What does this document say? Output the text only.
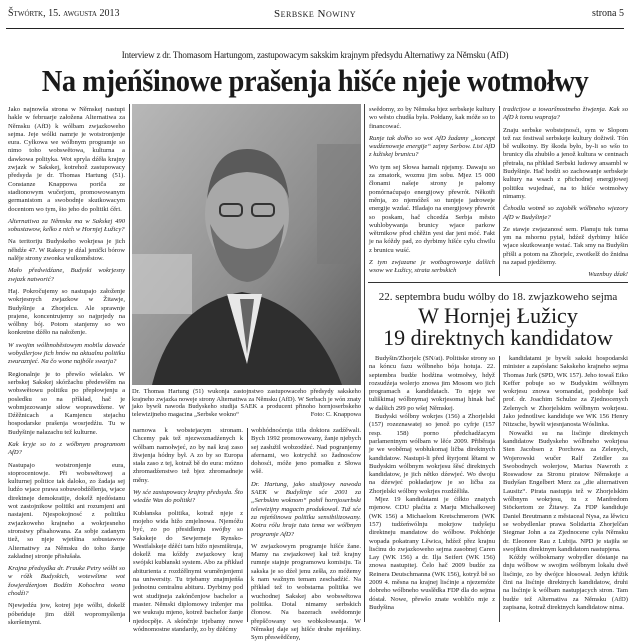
Štwórtk, 15. awgusta 2013	Serbske Nowiny	strona 5
Interview z dr. Thomasom Hartungom, zastupowacym sakskim krajnym předsydu Alternatiwy za Němsku (AfD)
Na mjeńšinowe prašenja hišće njeje wotmołwy

Jako najnowša strona w Němskej nastupi hakle w februarje załožena Alternatiwa za Němsku (AfD) k wólbam zwjazkoweho sejma. Jeje wólki namrje je wotstronjenje eura. Cyłkowa we wólbnym programje so nimo toho wobswětowa, kulturna a dawkowa polityka. Wot spryla dźěła krajny zwjazk w Sakskej, kotrehož zastupowacy předsyda je dr. Thomas Hartung (51). Constanze Knappowa poriča ze stadionowym wučerjom, promowowanym germanistom a swobodnje skutkowacym docentom wo tym, što jeho do politiki ćěri.

Alternatiwa za Němsku ma w Sakskej 490 sobustawow, kelko z nich w Hornjej Łužicy?

Na teritoriju Budyskeho wokrjesa je jich něhdźe 47. W Rakecy je dźal jenički bórow nalěje strony zwonka wulkoměstow.

Mało předwidźane, Budyski wokrjesny zwjazk natworić?

Haj. Pokročujemy so nastupajo załoženje wokrjesnych zwjazkow w Žitawje, Budyšinje a Zhorjelcu. Ale sprawnje prajene, koncentrujemy so najprjedy na wólbny bój. Potom stanjemy so wo konkretne dźěło na nałoženje.

W swojim wólbnoběstowym mobilu dawaće wobydlerjow jich hnów na aktualnu politiku zwuraznjeć. Na čo wone najbóle swarja?

Regionalnje je to přewšo wšelako. W serbskej Sakskej skóržachu předewšěm na wobswětowu politiku po přepłowjenju a posledku so na příkład, hač je wobmjezowanje stłow woprawdźene. W Dźěžnicach a Kamjencu stejachu hospodarske prašenja wosrjedźiu. Tu w Budyšinje nałazachu tež kulturne.

Kak kryje so to z wólbnym programom AfD?

Nastupajo wotstronjenje eura, stoprocentowje. Při wobswětowej a kulturnej politice tak daloko, zo žadaja sej ludźo wjace prawa sobuwobdźělenja, wjace direktneje demokratije, dokelž njedóstanu wot zastojnikow politiki ani rozumjeni ani nastajeni. Njespokojnosć z politiku zwjazkoweho krajneho a wokrjesneho stronstwy přisahowana. Za sobje zadanym tiež, so njeje wjetšina sobustawow Alternatiwy za Němsku do toho žanje zakładnej stronje přisłušała.

Krajna předsydka dr. Frauke Petry wólbi so w róžk Budyskich, wotewšime wot žowjerdźenjom Bodźin Kohochra wona chodźi?

Njewjedźu jow, kotrej jeje wólbi, dokelž póbeńduje jim dźěl wopromyślenja skeršetnymi.

Dr. Thomas Hartung (51) wukonja zastojnstwo zastupowaceho předsydy sakskeho krajneho zwjazka noweje strony Alternatiwa za Němsku (AfD). W Serbach je wón znaty jako bywši nawoda Budyskeho studija SAEK a producent přinoho hornjoserbskeho telewizijneho magacina „Serbske wokno“	Foto: C. Knappowa

narnowa k wobstejacym stronam. Chcemy pak tež njezwoznadźenych k wólbam namołwjeć, zo by naš kraj zaso žiwjenja hódny był. A zo by so Europa stała zaso z tej, kotraž bě do eura: móżno zhromadźenstwo tež bjez zhromadneje měny.

Wy sće zastupowacy krajny předsyda. Što wiedźe Was do politiki?

Kubłanska politika, kotraž njeje z mojeho wida hižo zmjelnowa. Njemóžu być, zo po přesidlenju swójby so Sakskeje do Sewjerneje Rynsko-Westfalskeje dźěći tam hižo njesmištruja, dokelž ma kóždy zwjazkowy kraj swójski kubłanski system. Abo za přikład abiturienta z rozdźělnymi wuměnjenjemi na uniwersity. Tu trjebamy znajmjeńša jednotnu centralnu abituru. Dyrbimy pod wot studijneja zakónčenjow bachelor a master. Němski diplomowy inženjer ma we wukraju mjeno, kotrež bachelor žanje njedocpěje. A skónčnje trjebamy nowe wódnomostne standardy, zo by dźěćmy

wobhódnoćenja titla doktora zadźěwali. Bych 1992 promowowany, žanje njebych sej zasłužil wobzodźeć. Nad pogranjemy afernami, wo kotrychž so žadnosćow dohosći, móže jeno pomałku z Słowa wšě.

Dr. Hartung, jako studijowy nawoda SAEK w Budyšinje sće 2001 za „Serbskim woknom“ pohił hornjoserbski telewizijny magacin produkował. Tuž sće za mjeńšinowu politiku sensibilizowany. Kotru rólu hraje tuta tema we wólbnym programje AfD?

W zwjazkowym programje hišće žane. Mamy na zwjazkowej kał tež krajny rumnje stajnje programowu komisiju. Ta sakska je so dźeł jenu zešła, zo móžemy k nam wažnym temam zeschadźić. Na přikład tež to wobstarna politika we wuchodnej Sakskej abo wobswětowa politika. Dotal nimamy serbskich čłonow. Na bazerach swědomnje přepščowany wo wobkołowanja. W Němskej daje sej hišće druhe mjeńšiny. Sym přeswědčeny,

swědomy, zo by Němska bjez serbskeje kultury wo wěsto chudša była. Połdany, kak móže so to financować.

Runje tak dołho so wot AfD žadamy „koncept wudźenoweje energije“ zajmy Serbow. Lisi AfD z łužiskej brunicu?

Wo tym sej Słowa hamali njejsmy. Dawaju so za zmatork, wozmu jim sobu. Mjez 15 000 čłonami našeje strony je pałomy pomórnaćupajo energijowy přewrót. Někotři měnja, zo njemóžeš so tunjeje jadroweje energije wzdać. Hladajo na energijowy přewrót so poskam, hač chcedźa Serbja město wuhlobywanja brunicy wjace parkow wětrnikow přod chěžin yesi dar jeni móć. Fakt je na kóždy pad, zo dyrbimy hišće cyłu chwilu z brunicu wuść.

Z tym zwjazane je wotbagrowanje dalšich wsow we Łužicy, strata serbskich

tradicijow a towaršnostneho žiwjenja. Kak so AfD k tomu wupraja?

Znaju serbske wobstejnosći, sym w Slopom tež raz festiwal serbskeje kultury dožiwił. Tón bě wulkotny. By škoda było, by-li so wšo to brunicy dla zhubiło a jenož kultura w centnach přetrała, na přikład Serbski ludowy ansambl w Budyšinje. Hač hodźi so zachowanje serbskeje kultury na wsach z přichodnej energijowej politiku wujednać, na to hišće wotmołwy nimamy.

Čehodla wotmě so zajoběk wólbneho wjezory AfD w Budyšinje?

Ze stawje zwjazanosć sem. Planuju tuk tuma ym na mhornu pytał, hdźež dyrbimy hišće wjace skutkowanje wstać. Tak smy na Budyšin přišli a potom na Zhorjelc, zwotkelž do žnidna na zapad pjedźiemy.

Wuznbuy dźak!

22. septembra budu wólby do 18. zwjazkoweho sejma
W Hornjej Łužicy
19 direktnych kandidatow

Budyšin/Zhorjelc (SN/at). Politiske strony so na kóncu fazu wólbneho bója hotuja. 22. septembra budźe hodźina wotmołwy, hdyž rozsudźeja wolerjo znowa jim Mosom wo jich programach a kandidatach. To njeje we tuliškimaj wólbnymaj wokrjesomaj hinak hač w dalšich 299 po wšej Němskej.

Budyski wólbny wokrjes (156) a Zhorjelski (157) rozeznawatej so jenož po cyfrje (157 resp. 158) porno předchadźacym parlamentnym wólbam w lěće 2009. Přiběraja je we woběmaj wobłukomaj ličba direktnych kandidatow. Nastupi-li před štyrjomi lětami w Budyskim wólbnym wokrjesu šěsć direktnych kandidatow, je jich nětko dźewjeć. Wo dwoju na dźewjeć pokładarjow je so ličba za Zhorjelski wólbny wokrjes rozdźěliła.

Mjez 19 kandidatami je ćiłkto znatych mjenow. CDU płaćita z Marju Michalkowej (WK 156) a Michaelom Kretschmerom (WK 157) tudźeńwólnju mokrjow tudyšeju direktneju mandatow do wólbow. Pokhónje wopada pokatrany Lěwica, hdźež přez krajnu lisćinu do zwjazkoweho sejma zasobnej Caren Lay (WK 156) a dr. Ilja Seifert (WK 156) znowa nastupitej. Čelo hač 2009 budźe za Reinera Deutschmanna (WK 156), kotryž bě so 2009 4. měsna na krajnej lisćinje a njezemóże dobreho wólbneho wuslědka FDP dla do sejma dóstał. Nowe, přewšo znate wobličo mje z Budyšina

kandidatami je bywši sakski hospodarski minister a zapósłanc Sakskeho krajneho sejma Thomas Jurk (SPD, WK 157). Jeho towaš Eiko Keffer pobuje so w Budyskim wólbnym wokrjesu znowa womandat, podobnje kaž prof. dr. Joachim Schulze za Zjednocenych Zelenych w Zhorjelskim wólbnym wokrjesu. Jako jednotliwc kandiduje we WK 156 Henry Nitzsche, bywši wjesnjanosta Wóslinka.

Nowački su na lisćinje direktnych kandidatow Budyskeho wólbneho wokrjesa Sten Jacobsen z Porchowa za Zelenych, Wojerowski wučer Ralf Zeidler za Swobodnych wolerjow, Marius Nawroth z Roswadow za Stronu piratow Němskeje a Budyšan Engelbert Merz za „die alternativen Lausitz“. Pirata nastupja tež w Zhorjelskim wólbnym wokrjesu, tu z Manfredom Stöckertom ze Žitawy. Za FDP kandiduje Daniel Breutmann z městaceal Nysa, za lěwicu se wobydlenlar prawa Solidarita Zhorjelčan Siegmar John a za Zjednocene cyła Němsku dr. Eleonore Rau z Lubija. NPD je stajiła se swojikim direktnym kandidatom nastupjena.

Kóždy wólbokmany wobydler dóstanje na dnju wólbow w swojim wólbnym lokalu dwě lisćinje, zo by dwójce hłosował. Jedyn křižik čini na lisćinje direktnych kandidatow, druhi na lisćinje k wólbam nastupjacych stron. Tam budźe tež Alternativa za Němsku (AfD) zapisana, kotraž direktnych kandidatow nima.
